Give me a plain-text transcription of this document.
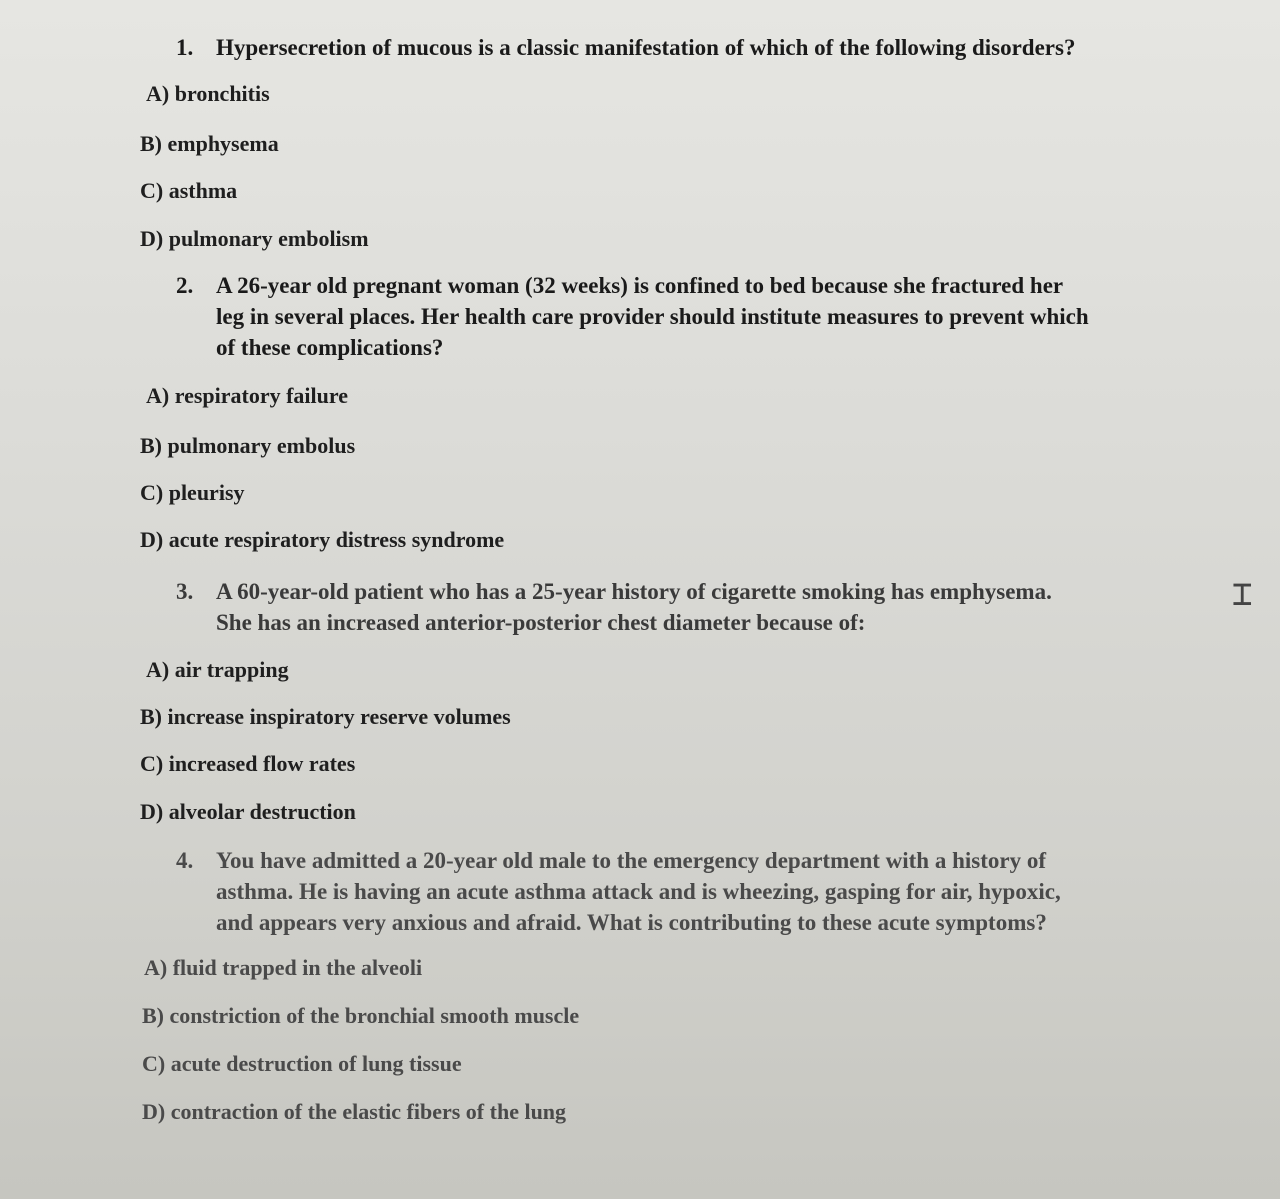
1. Hypersecretion of mucous is a classic manifestation of which of the following disorders?
A) bronchitis
B) emphysema
C) asthma
D) pulmonary embolism
2. A 26-year old pregnant woman (32 weeks) is confined to bed because she fractured her
leg in several places. Her health care provider should institute measures to prevent which
of these complications?
A) respiratory failure
B) pulmonary embolus
C) pleurisy
D) acute respiratory distress syndrome
3. A 60-year-old patient who has a 25-year history of cigarette smoking has emphysema.
She has an increased anterior-posterior chest diameter because of:
A) air trapping
B) increase inspiratory reserve volumes
C) increased flow rates
D) alveolar destruction
4. You have admitted a 20-year old male to the emergency department with a history of
asthma. He is having an acute asthma attack and is wheezing, gasping for air, hypoxic,
and appears very anxious and afraid. What is contributing to these acute symptoms?
A) fluid trapped in the alveoli
B) constriction of the bronchial smooth muscle
C) acute destruction of lung tissue
D) contraction of the elastic fibers of the lung
⌶
